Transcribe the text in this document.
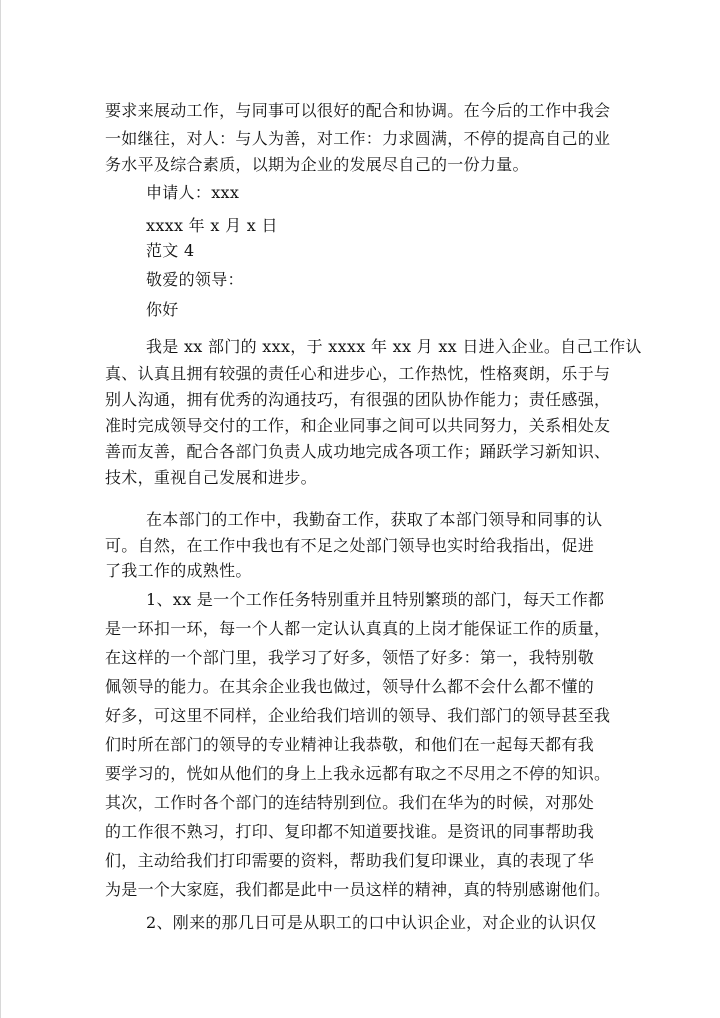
要求来展动工作，与同事可以很好的配合和协调。在今后的工作中我会
一如继往，对人：与人为善，对工作：力求圆满，不停的提高自己的业
务水平及综合素质，以期为企业的发展尽自己的一份力量。
申请人：xxx
xxxx 年 x 月 x 日
范文 4
敬爱的领导：
你好
我是 xx 部门的 xxx，于 xxxx 年 xx 月 xx 日进入企业。自己工作认
真、认真且拥有较强的责任心和进步心，工作热忱，性格爽朗，乐于与
别人沟通，拥有优秀的沟通技巧，有很强的团队协作能力；责任感强，
准时完成领导交付的工作，和企业同事之间可以共同努力，关系相处友
善而友善，配合各部门负责人成功地完成各项工作；踊跃学习新知识、
技术，重视自己发展和进步。
在本部门的工作中，我勤奋工作，获取了本部门领导和同事的认
可。自然，在工作中我也有不足之处部门领导也实时给我指出，促进
了我工作的成熟性。
1、xx 是一个工作任务特别重并且特别繁琐的部门，每天工作都
是一环扣一环，每一个人都一定认认真真的上岗才能保证工作的质量，
在这样的一个部门里，我学习了好多，领悟了好多：第一，我特别敬
佩领导的能力。在其余企业我也做过，领导什么都不会什么都不懂的
好多，可这里不同样，企业给我们培训的领导、我们部门的领导甚至我
们时所在部门的领导的专业精神让我恭敬，和他们在一起每天都有我
要学习的，恍如从他们的身上上我永远都有取之不尽用之不停的知识。
其次，工作时各个部门的连结特别到位。我们在华为的时候，对那处
的工作很不熟习，打印、复印都不知道要找谁。是资讯的同事帮助我
们，主动给我们打印需要的资料，帮助我们复印课业，真的表现了华
为是一个大家庭，我们都是此中一员这样的精神，真的特别感谢他们。
2、刚来的那几日可是从职工的口中认识企业，对企业的认识仅
